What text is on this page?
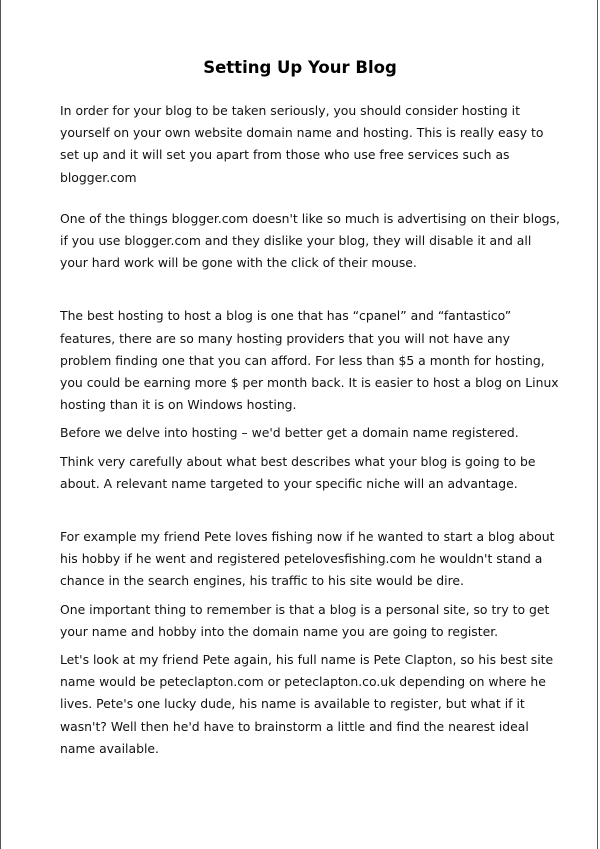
Setting Up Your Blog

In order for your blog to be taken seriously, you should consider hosting it yourself on your own website domain name and hosting. This is really easy to set up and it will set you apart from those who use free services such as blogger.com

One of the things blogger.com doesn't like so much is advertising on their blogs, if you use blogger.com and they dislike your blog, they will disable it and all your hard work will be gone with the click of their mouse.

The best hosting to host a blog is one that has “cpanel” and “fantastico” features, there are so many hosting providers that you will not have any problem finding one that you can afford. For less than $5 a month for hosting, you could be earning more $ per month back. It is easier to host a blog on Linux hosting than it is on Windows hosting.

Before we delve into hosting – we'd better get a domain name registered.

Think very carefully about what best describes what your blog is going to be about. A relevant name targeted to your specific niche will an advantage.

For example my friend Pete loves fishing now if he wanted to start a blog about his hobby if he went and registered petelovesfishing.com he wouldn't stand a chance in the search engines, his traffic to his site would be dire.

One important thing to remember is that a blog is a personal site, so try to get your name and hobby into the domain name you are going to register.

Let's look at my friend Pete again, his full name is Pete Clapton, so his best site name would be peteclapton.com or peteclapton.co.uk depending on where he lives. Pete's one lucky dude, his name is available to register, but what if it wasn't? Well then he'd have to brainstorm a little and find the nearest ideal name available.
